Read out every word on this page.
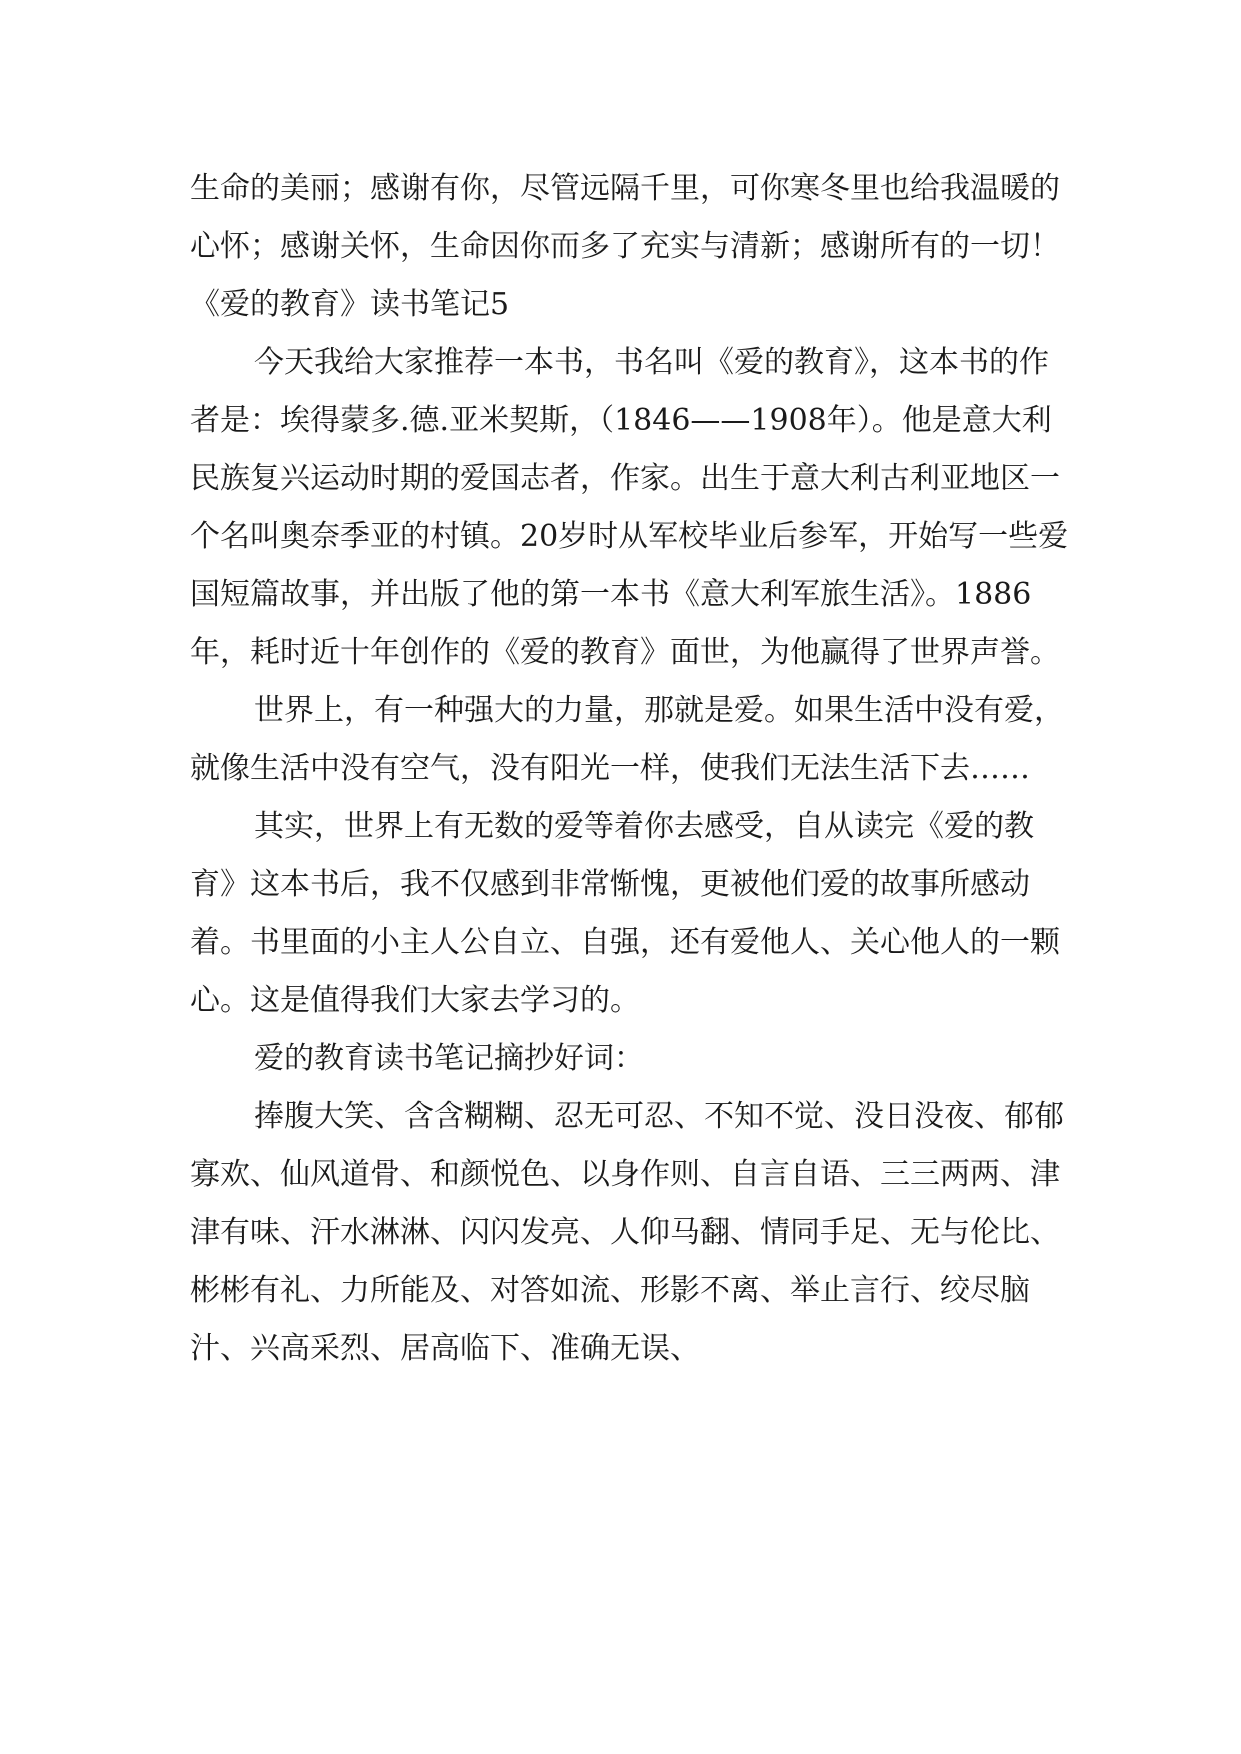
生命的美丽；感谢有你，尽管远隔千里，可你寒冬里也给我温暖的心怀；感谢关怀，生命因你而多了充实与清新；感谢所有的一切！

《爱的教育》读书笔记5

今天我给大家推荐一本书，书名叫《爱的教育》，这本书的作者是：埃得蒙多.德.亚米契斯，（1846——1908年）。他是意大利民族复兴运动时期的爱国志者，作家。出生于意大利古利亚地区一个名叫奥奈季亚的村镇。20岁时从军校毕业后参军，开始写一些爱国短篇故事，并出版了他的第一本书《意大利军旅生活》。1886年，耗时近十年创作的《爱的教育》面世，为他赢得了世界声誉。

世界上，有一种强大的力量，那就是爱。如果生活中没有爱，就像生活中没有空气，没有阳光一样，使我们无法生活下去……

其实，世界上有无数的爱等着你去感受，自从读完《爱的教育》这本书后，我不仅感到非常惭愧，更被他们爱的故事所感动着。书里面的小主人公自立、自强，还有爱他人、关心他人的一颗心。这是值得我们大家去学习的。

爱的教育读书笔记摘抄好词：

捧腹大笑、含含糊糊、忍无可忍、不知不觉、没日没夜、郁郁寡欢、仙风道骨、和颜悦色、以身作则、自言自语、三三两两、津津有味、汗水淋淋、闪闪发亮、人仰马翻、情同手足、无与伦比、彬彬有礼、力所能及、对答如流、形影不离、举止言行、绞尽脑汁、兴高采烈、居高临下、准确无误、
